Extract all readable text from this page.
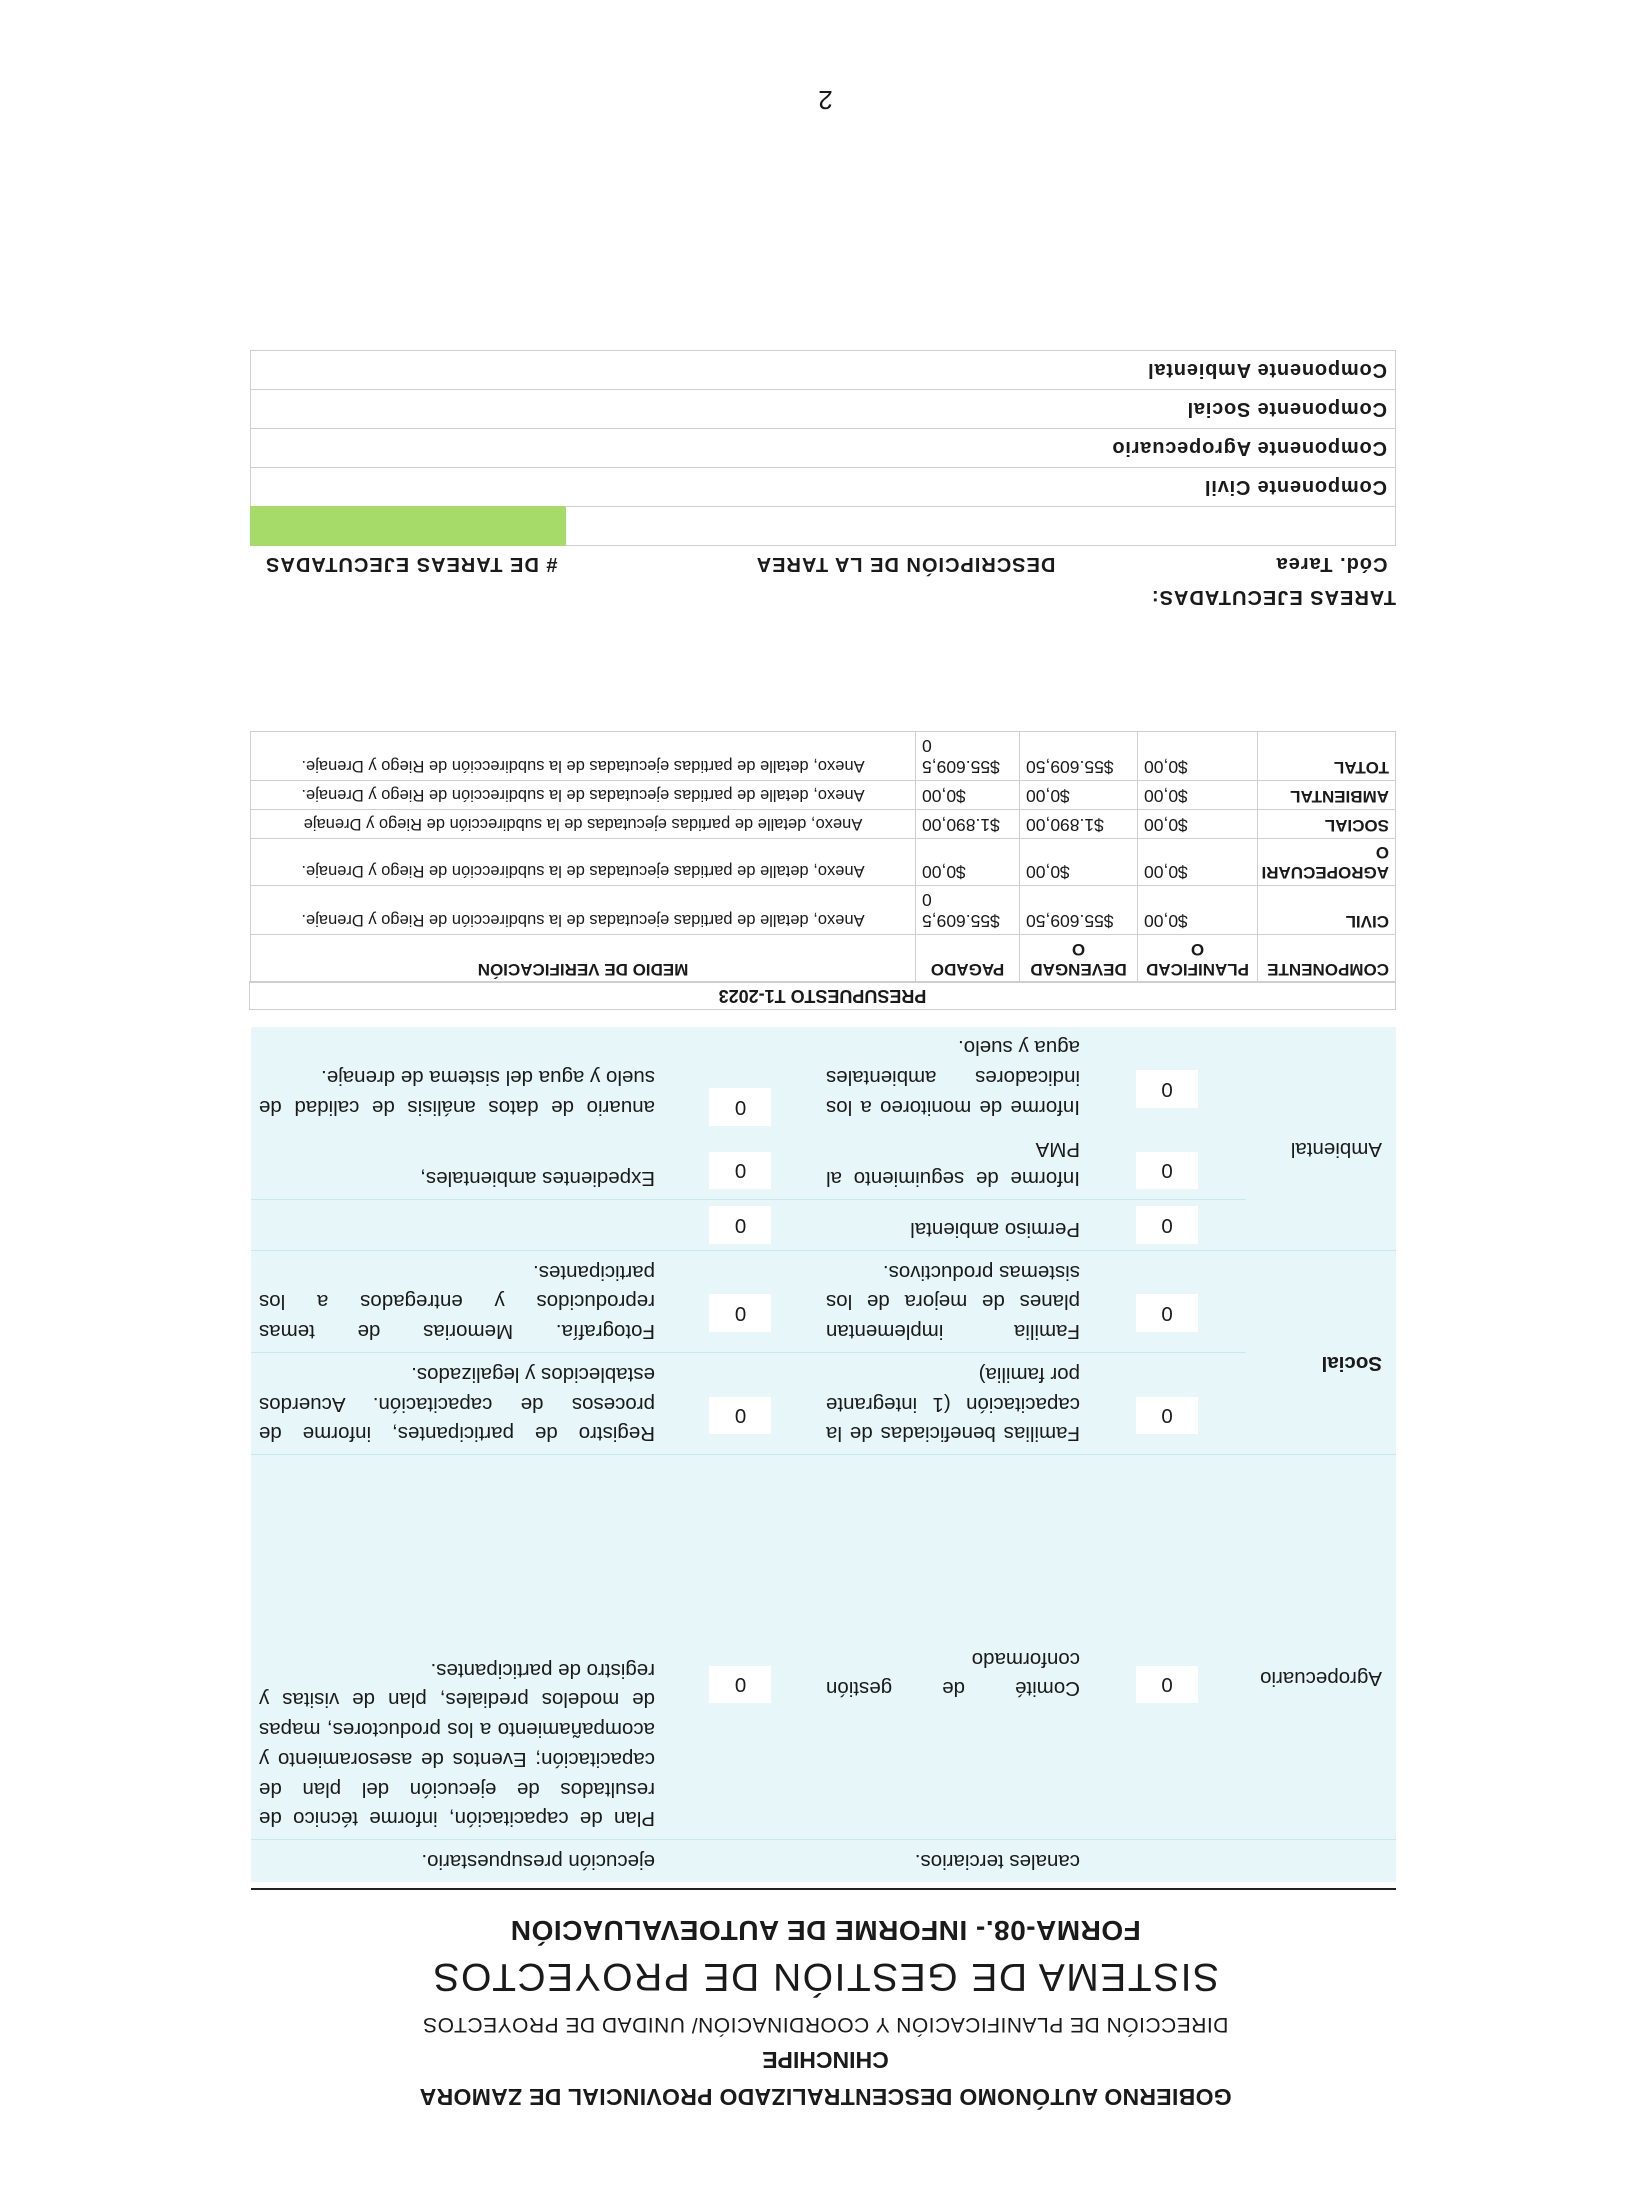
GOBIERNO AUTÓNOMO DESCENTRALIZADO PROVINCIAL DE ZAMORA
CHINCHIPE
DIRECCIÓN DE PLANIFICACIÓN Y COORDINACIÓN/ UNIDAD DE PROYECTOS
SISTEMA DE GESTIÓN DE PROYECTOS
FORMA-08.- INFORME DE AUTOEVALUACIÓN
		canales terciarios.		ejecución presupuestario.
Agropecuario	0	Comité de gestión conformado	0	Plan de capacitación, informe técnico de resultados de ejecución del plan de capacitación; Eventos de asesoramiento y acompañamiento a los productores, mapas de modelos prediales, plan de visitas y registro de participantes.
Social	0	Familias beneficiadas de la capacitación (1 integrante por familia)	0	Registro de participantes, informe de procesos de capacitación. Acuerdos establecidos y legalizados.
	0	Familia implementan planes de mejora de los sistemas productivos.	0	Fotografía. Memorias de temas reproducidos y entregados a los participantes.
Ambiental	0	Permiso ambiental	0	
	0	Informe de seguimiento al PMA	0	Expedientes ambientales,
	0	Informe de monitoreo a los indicadores ambientales agua y suelo.	0	anuario de datos análisis de calidad de suelo y agua del sistema de drenaje.
PRESUPUESTO T1-2023
COMPONENTE	PLANIFICAD O	DEVENGAD O	PAGADO	MEDIO DE VERIFICACIÓN
CIVIL	$0,00	$55.609,50	$55.609,5 0	Anexo, detalle de partidas ejecutadas de la subdirección de Riego y Drenaje.
AGROPECUARI O	$0,00	$0,00	$0,00	Anexo, detalle de partidas ejecutadas de la subdirección de Riego y Drenaje.
SOCIAL	$0,00	$1.890,00	$1.890,00	Anexo, detalle de partidas ejecutadas de la subdirección de Riego y Drenaje
AMBIENTAL	$0,00	$0,00	$0,00	Anexo, detalle de partidas ejecutadas de la subdirección de Riego y Drenaje.
TOTAL	$0,00	$55.609,50	$55.609,5 0	Anexo, detalle de partidas ejecutadas de la subdirección de Riego y Drenaje.
TAREAS EJECUTADAS:
Cód. Tarea	DESCRIPCIÓN DE LA TAREA	# DE TAREAS EJECUTADAS

Componente Civil		
Componente Agropecuario		
Componente Social		
Componente Ambiental		
2
